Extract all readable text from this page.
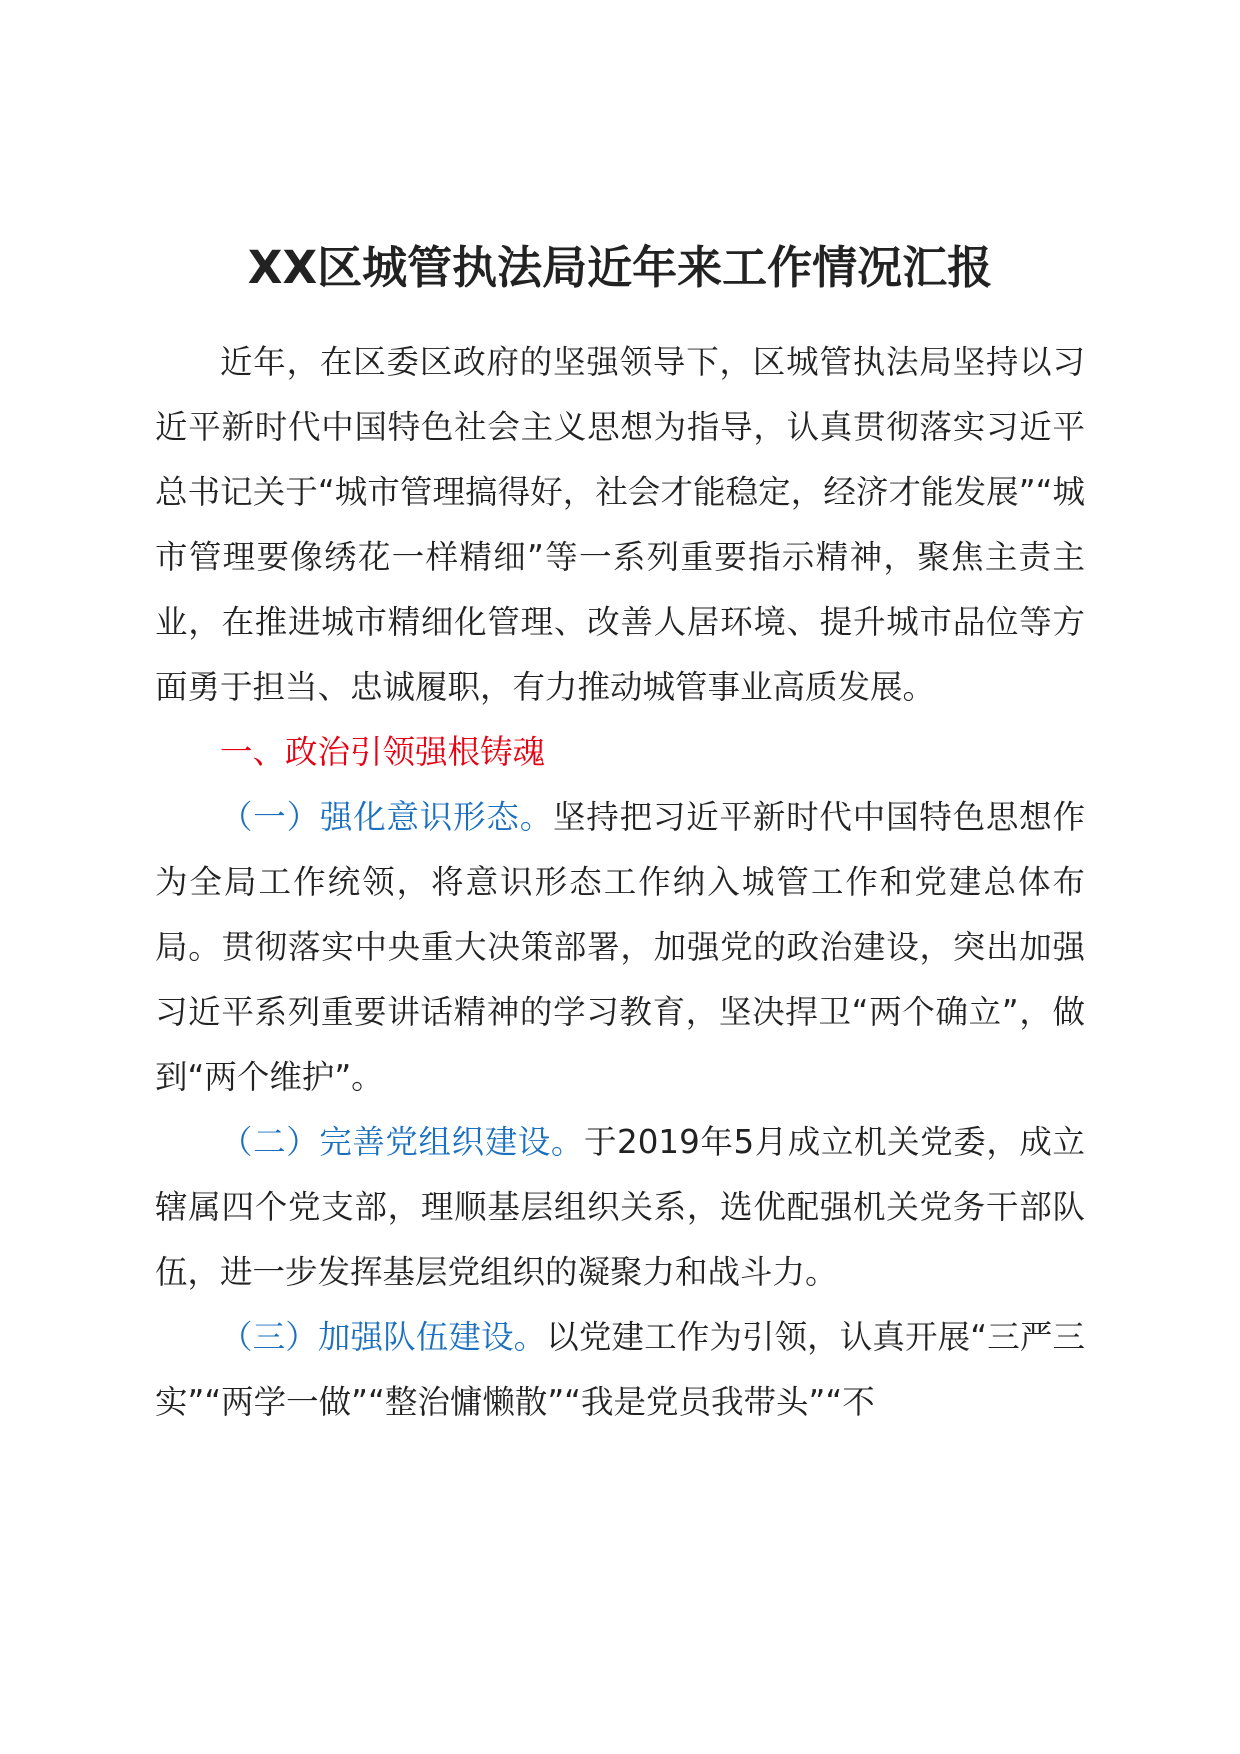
XX区城管执法局近年来工作情况汇报

近年，在区委区政府的坚强领导下，区城管执法局坚持以习近平新时代中国特色社会主义思想为指导，认真贯彻落实习近平总书记关于“城市管理搞得好，社会才能稳定，经济才能发展”“城市管理要像绣花一样精细”等一系列重要指示精神，聚焦主责主业，在推进城市精细化管理、改善人居环境、提升城市品位等方面勇于担当、忠诚履职，有力推动城管事业高质发展。

一、政治引领强根铸魂

（一）强化意识形态。坚持把习近平新时代中国特色思想作为全局工作统领，将意识形态工作纳入城管工作和党建总体布局。贯彻落实中央重大决策部署，加强党的政治建设，突出加强习近平系列重要讲话精神的学习教育，坚决捍卫“两个确立”，做到“两个维护”。

（二）完善党组织建设。于2019年5月成立机关党委，成立辖属四个党支部，理顺基层组织关系，选优配强机关党务干部队伍，进一步发挥基层党组织的凝聚力和战斗力。

（三）加强队伍建设。以党建工作为引领，认真开展“三严三实”“两学一做”“整治慵懒散”“我是党员我带头”“不
